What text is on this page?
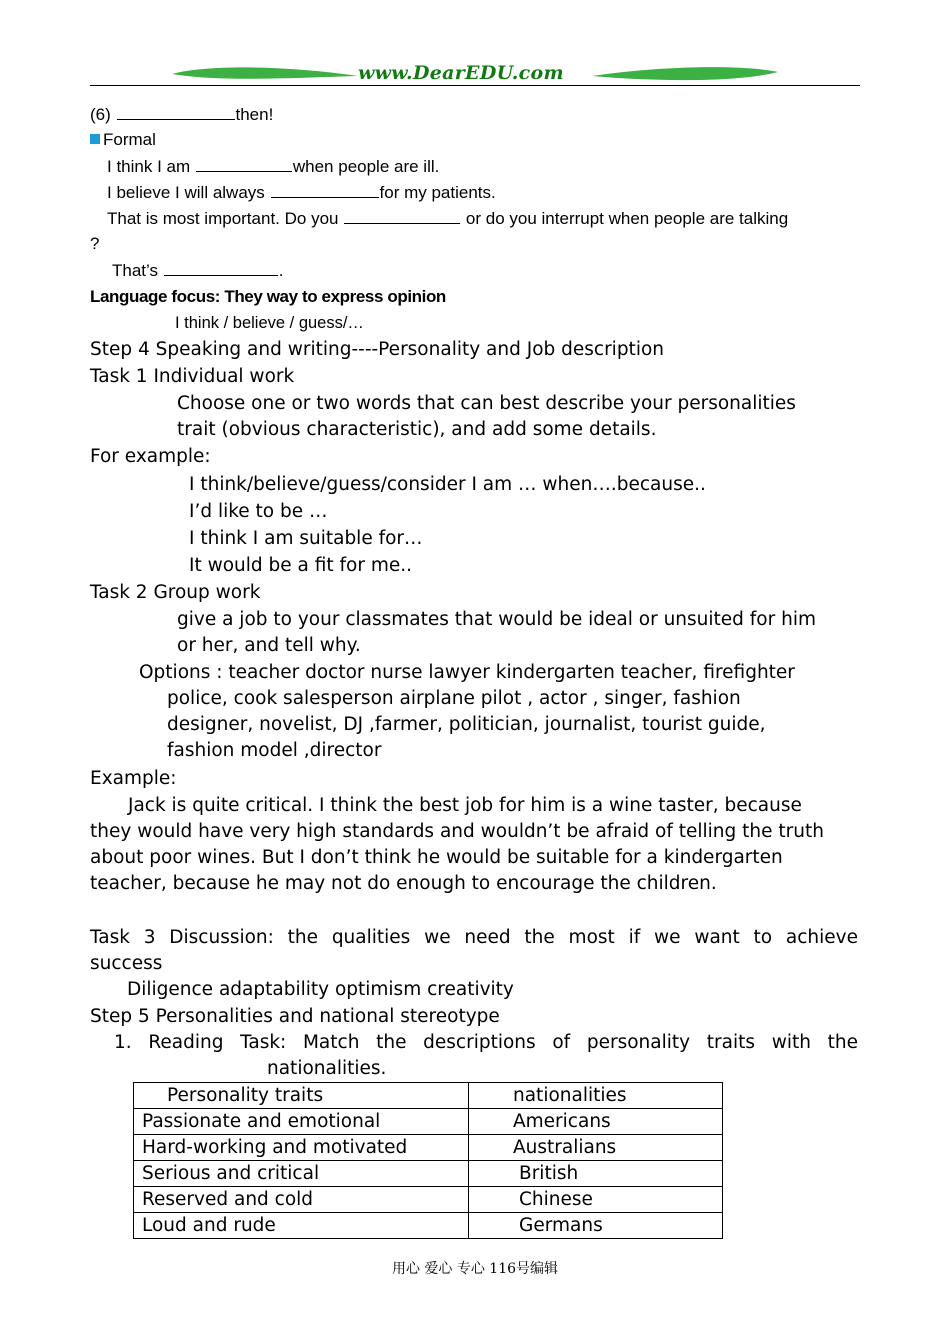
www.DearEDU.com
(6)	then!
Formal
I think I am	when people are ill.
I believe I will always	for my patients.
That is most important. Do you	or do you interrupt when people are talking
?
That’s	.
Language focus: They way to express opinion
I think / believe / guess/…
Step 4 Speaking and writing----Personality and Job description
Task 1 Individual work
Choose one or two words that can best describe your personalities
trait (obvious characteristic), and add some details.
For example:
I think/believe/guess/consider I am … when….because..
I’d like to be …
I think I am suitable for…
It would be a fit for me..
Task 2 Group work
give a job to your classmates that would be ideal or unsuited for him
or her, and tell why.
Options : teacher doctor nurse lawyer kindergarten teacher, firefighter
police, cook salesperson airplane pilot , actor , singer, fashion
designer, novelist, DJ ,farmer, politician, journalist, tourist guide,
fashion model ,director
Example:
Jack is quite critical. I think the best job for him is a wine taster, because
they would have very high standards and wouldn’t be afraid of telling the truth
about poor wines. But I don’t think he would be suitable for a kindergarten
teacher, because he may not do enough to encourage the children.
Task 3 Discussion: the qualities we need the most if we want to achieve
success
Diligence adaptability optimism creativity
Step 5 Personalities and national stereotype
1. Reading Task: Match the descriptions of personality traits with the
nationalities.
Personality traits	nationalities
Passionate and emotional	Americans
Hard-working and motivated	Australians
Serious and critical	British
Reserved and cold	Chinese
Loud and rude	Germans
用心 爱心 专心 116号编辑
